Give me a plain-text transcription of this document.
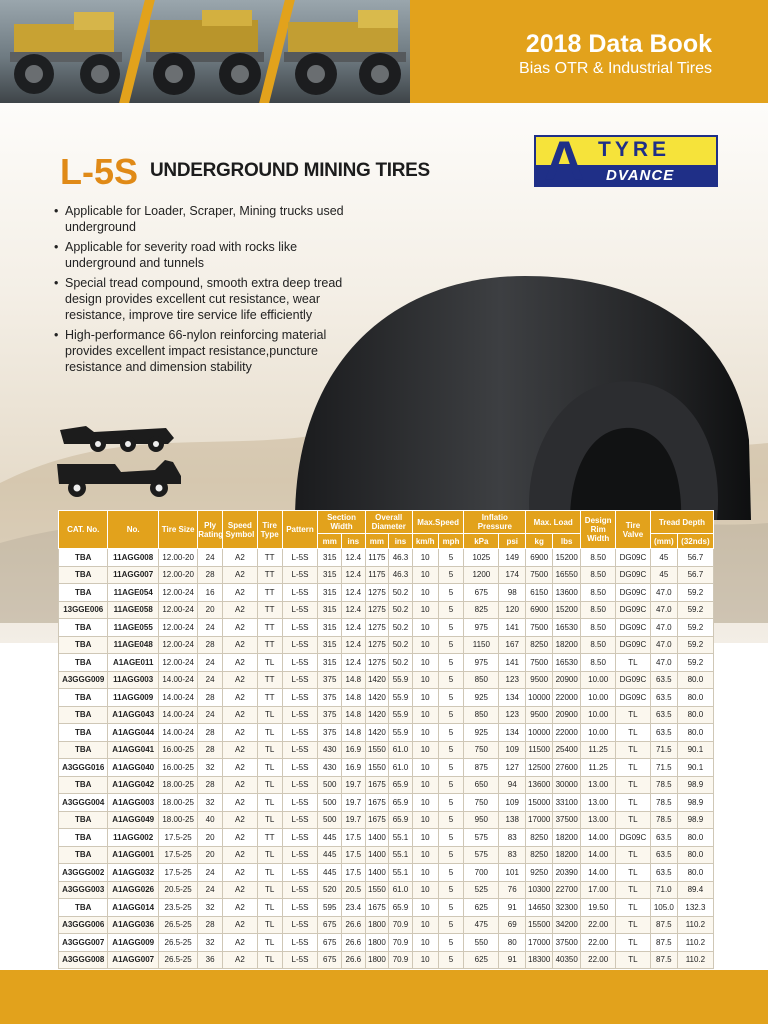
2018 Data Book
Bias OTR & Industrial Tires
A TYRE
DVANCE
L-5S UNDERGROUND MINING TIRES
• Applicable for Loader, Scraper, Mining trucks used underground
• Applicable for severity road with rocks like underground and tunnels
• Special tread compound, smooth extra deep tread design provides excellent cut resistance, wear resistance, improve tire service life efficiently
• High-performance 66-nylon reinforcing material provides excellent impact resistance,puncture resistance and dimension stability
CAT. No.	No.	Tire Size	Ply Rating	Speed Symbol	Tire Type	Pattern	Section Width		Overall Diameter		Max.Speed		Inflatio Pressure		Max. Load		Design Rim Width	Tire Valve	Tread Depth	
							mm	ins	mm	ins	km/h	mph	kPa	psi	kg	lbs			(mm)	(32nds)
TBA	11AGG008	12.00-20	24	A2	TT	L-5S	315	12.4	1175	46.3	10	5	1025	149	6900	15200	8.50	DG09C	45	56.7
TBA	11AGG007	12.00-20	28	A2	TT	L-5S	315	12.4	1175	46.3	10	5	1200	174	7500	16550	8.50	DG09C	45	56.7
TBA	11AGE054	12.00-24	16	A2	TT	L-5S	315	12.4	1275	50.2	10	5	675	98	6150	13600	8.50	DG09C	47.0	59.2
13GGE006	11AGE058	12.00-24	20	A2	TT	L-5S	315	12.4	1275	50.2	10	5	825	120	6900	15200	8.50	DG09C	47.0	59.2
TBA	11AGE055	12.00-24	24	A2	TT	L-5S	315	12.4	1275	50.2	10	5	975	141	7500	16530	8.50	DG09C	47.0	59.2
TBA	11AGE048	12.00-24	28	A2	TT	L-5S	315	12.4	1275	50.2	10	5	1150	167	8250	18200	8.50	DG09C	47.0	59.2
TBA	A1AGE011	12.00-24	24	A2	TL	L-5S	315	12.4	1275	50.2	10	5	975	141	7500	16530	8.50	TL	47.0	59.2
A3GGG009	11AGG003	14.00-24	24	A2	TT	L-5S	375	14.8	1420	55.9	10	5	850	123	9500	20900	10.00	DG09C	63.5	80.0
TBA	11AGG009	14.00-24	28	A2	TT	L-5S	375	14.8	1420	55.9	10	5	925	134	10000	22000	10.00	DG09C	63.5	80.0
TBA	A1AGG043	14.00-24	24	A2	TL	L-5S	375	14.8	1420	55.9	10	5	850	123	9500	20900	10.00	TL	63.5	80.0
TBA	A1AGG044	14.00-24	28	A2	TL	L-5S	375	14.8	1420	55.9	10	5	925	134	10000	22000	10.00	TL	63.5	80.0
TBA	A1AGG041	16.00-25	28	A2	TL	L-5S	430	16.9	1550	61.0	10	5	750	109	11500	25400	11.25	TL	71.5	90.1
A3GGG016	A1AGG040	16.00-25	32	A2	TL	L-5S	430	16.9	1550	61.0	10	5	875	127	12500	27600	11.25	TL	71.5	90.1
TBA	A1AGG042	18.00-25	28	A2	TL	L-5S	500	19.7	1675	65.9	10	5	650	94	13600	30000	13.00	TL	78.5	98.9
A3GGG004	A1AGG003	18.00-25	32	A2	TL	L-5S	500	19.7	1675	65.9	10	5	750	109	15000	33100	13.00	TL	78.5	98.9
TBA	A1AGG049	18.00-25	40	A2	TL	L-5S	500	19.7	1675	65.9	10	5	950	138	17000	37500	13.00	TL	78.5	98.9
TBA	11AGG002	17.5-25	20	A2	TT	L-5S	445	17.5	1400	55.1	10	5	575	83	8250	18200	14.00	DG09C	63.5	80.0
TBA	A1AGG001	17.5-25	20	A2	TL	L-5S	445	17.5	1400	55.1	10	5	575	83	8250	18200	14.00	TL	63.5	80.0
A3GGG002	A1AGG032	17.5-25	24	A2	TL	L-5S	445	17.5	1400	55.1	10	5	700	101	9250	20390	14.00	TL	63.5	80.0
A3GGG003	A1AGG026	20.5-25	24	A2	TL	L-5S	520	20.5	1550	61.0	10	5	525	76	10300	22700	17.00	TL	71.0	89.4
TBA	A1AGG014	23.5-25	32	A2	TL	L-5S	595	23.4	1675	65.9	10	5	625	91	14650	32300	19.50	TL	105.0	132.3
A3GGG006	A1AGG036	26.5-25	28	A2	TL	L-5S	675	26.6	1800	70.9	10	5	475	69	15500	34200	22.00	TL	87.5	110.2
A3GGG007	A1AGG009	26.5-25	32	A2	TL	L-5S	675	26.6	1800	70.9	10	5	550	80	17000	37500	22.00	TL	87.5	110.2
A3GGG008	A1AGG007	26.5-25	36	A2	TL	L-5S	675	26.6	1800	70.9	10	5	625	91	18300	40350	22.00	TL	87.5	110.2
